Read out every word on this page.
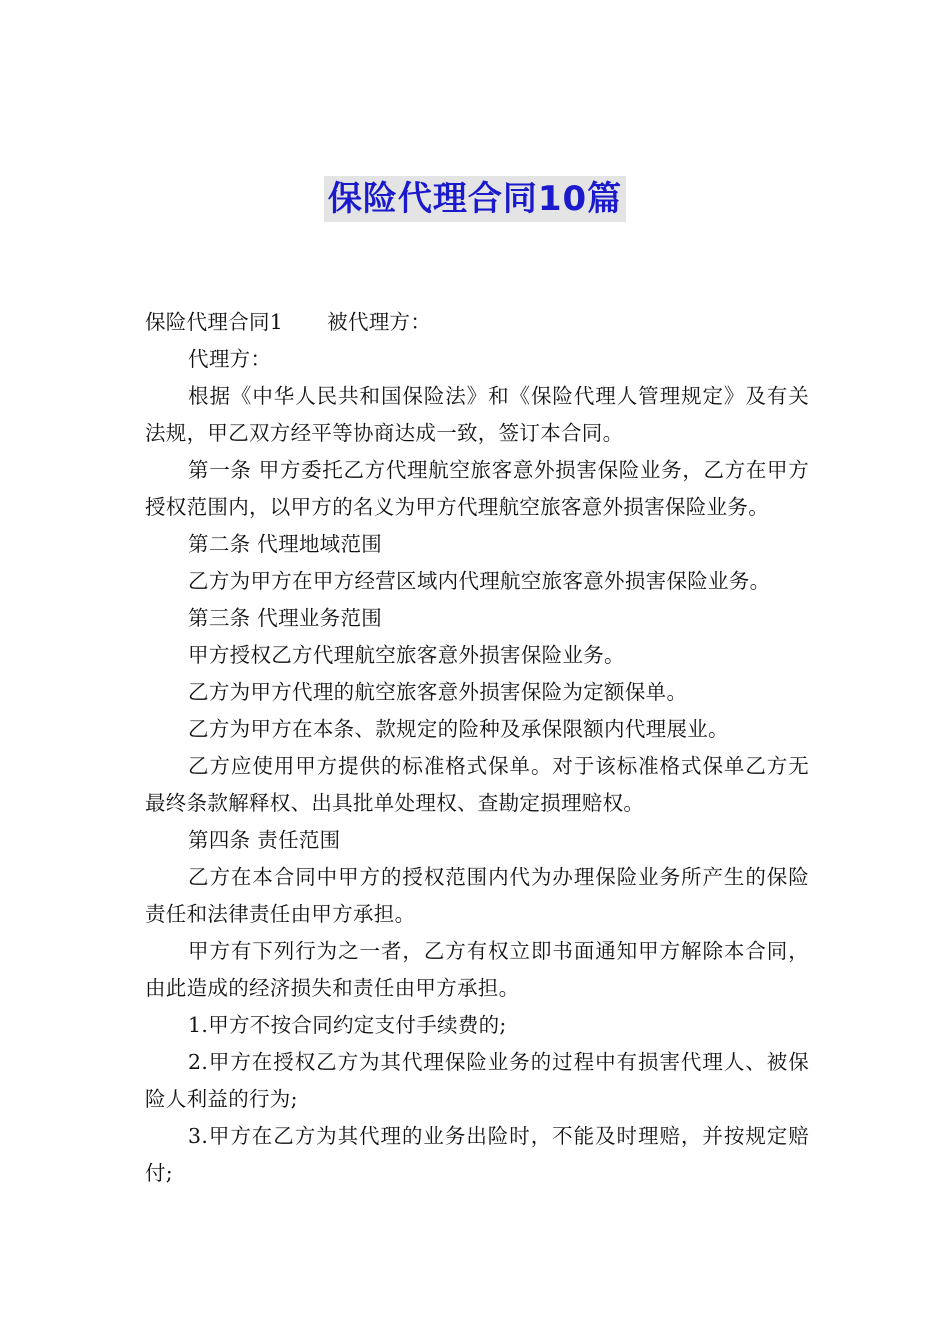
保险代理合同10篇

保险代理合同1 被代理方：

代理方：

根据《中华人民共和国保险法》和《保险代理人管理规定》及有关法规，甲乙双方经平等协商达成一致，签订本合同。

第一条 甲方委托乙方代理航空旅客意外损害保险业务，乙方在甲方授权范围内，以甲方的名义为甲方代理航空旅客意外损害保险业务。

第二条 代理地域范围

乙方为甲方在甲方经营区域内代理航空旅客意外损害保险业务。

第三条 代理业务范围

甲方授权乙方代理航空旅客意外损害保险业务。

乙方为甲方代理的航空旅客意外损害保险为定额保单。

乙方为甲方在本条、款规定的险种及承保限额内代理展业。

乙方应使用甲方提供的标准格式保单。对于该标准格式保单乙方无最终条款解释权、出具批单处理权、查勘定损理赔权。

第四条 责任范围

乙方在本合同中甲方的授权范围内代为办理保险业务所产生的保险责任和法律责任由甲方承担。

甲方有下列行为之一者，乙方有权立即书面通知甲方解除本合同，由此造成的经济损失和责任由甲方承担。

1.甲方不按合同约定支付手续费的;

2.甲方在授权乙方为其代理保险业务的过程中有损害代理人、被保险人利益的行为;

3.甲方在乙方为其代理的业务出险时，不能及时理赔，并按规定赔付;
